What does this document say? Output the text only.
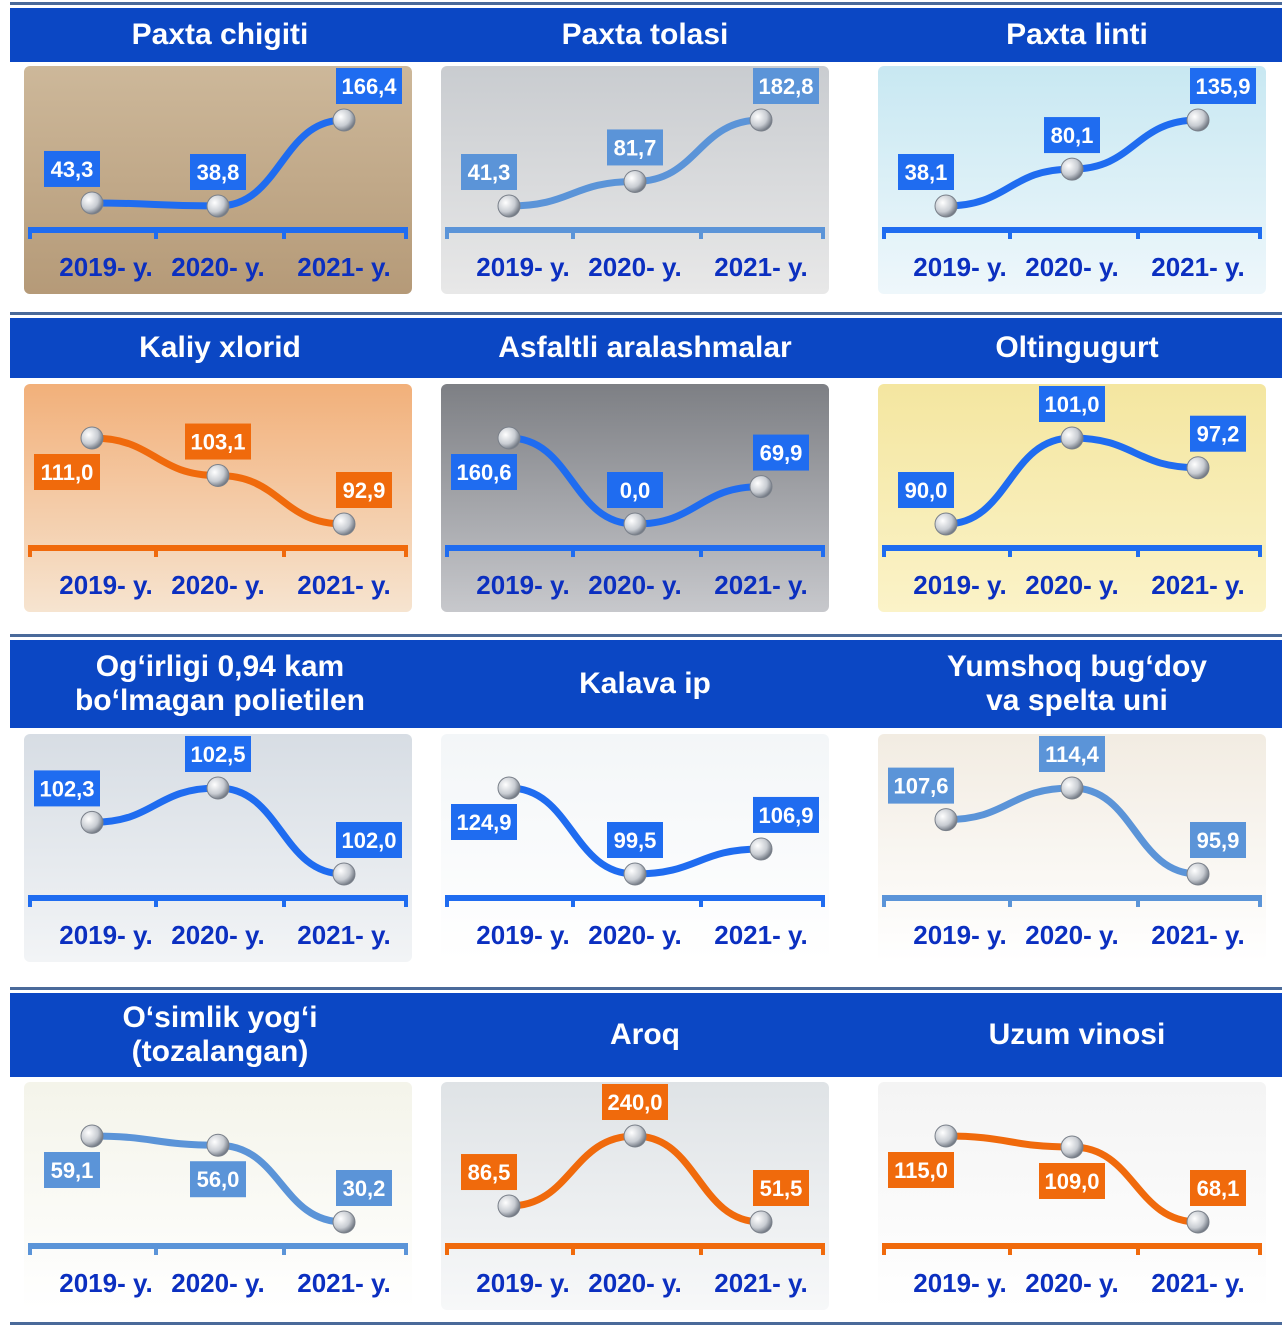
Paxta chigiti	Paxta tolasi	Paxta linti
Kaliy xlorid	Asfaltli aralashmalar	Oltingugurt
Og‘irligi 0,94 kam
bo‘lmagan polietilen
Kalava ip
Yumshoq bug‘doy
va spelta uni
O‘simlik yog‘i
(tozalangan)
Aroq	Uzum vinosi
43,3	38,8
166,4
2019- y. 2020- y. 2021- y.
41,3
81,7
182,8
2019- y. 2020- y. 2021- y.
38,1
80,1
135,9
2019- y. 2020- y. 2021- y.
111,0
103,1
92,9
2019- y. 2020- y. 2021- y.
160,6
0,0
69,9
2019- y. 2020- y. 2021- y.
90,0
101,0
97,2
2019- y. 2020- y. 2021- y.
102,3
102,5
102,0
2019- y. 2020- y. 2021- y.
124,9
99,5
106,9
2019- y. 2020- y. 2021- y.
107,6
114,4
95,9
2019- y. 2020- y. 2021- y.
59,1	56,0	30,2
2019- y. 2020- y. 2021- y.
86,5
240,0
51,5
2019- y. 2020- y. 2021- y.
115,0	109,0	68,1
2019- y. 2020- y. 2021- y.
